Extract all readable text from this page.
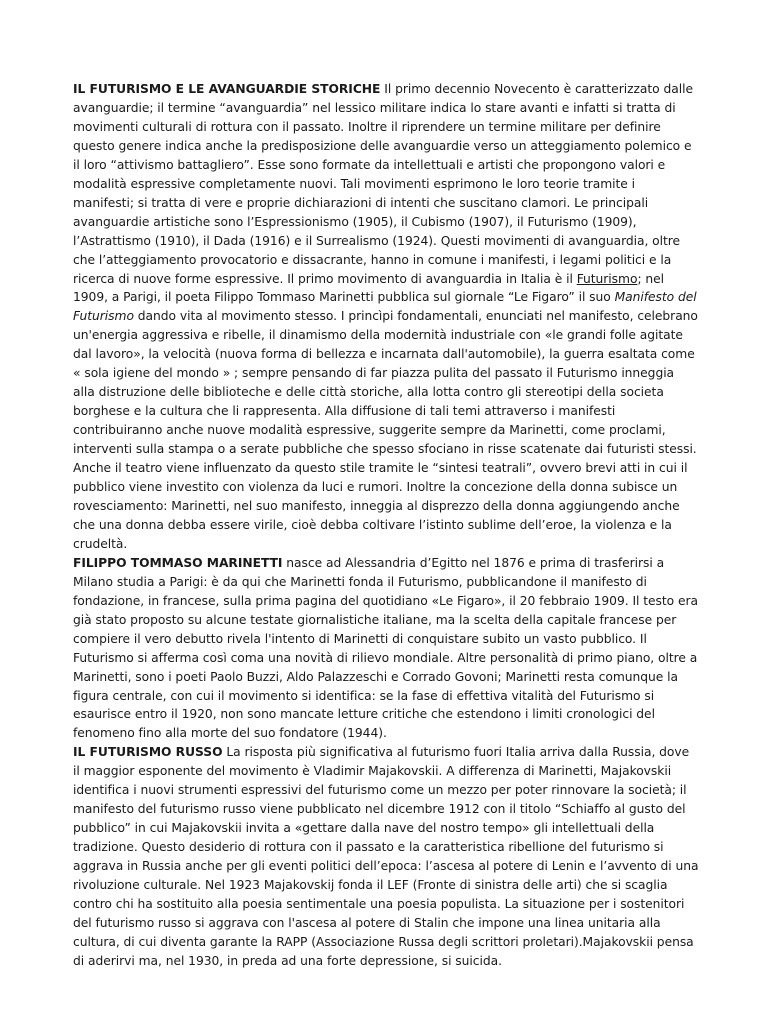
IL FUTURISMO E LE AVANGUARDIE STORICHE Il primo decennio Novecento è caratterizzato dalle avanguardie; il termine “avanguardia” nel lessico militare indica lo stare avanti e infatti si tratta di movimenti culturali di rottura con il passato. Inoltre il riprendere un termine militare per definire questo genere indica anche la predisposizione delle avanguardie verso un atteggiamento polemico e il loro “attivismo battagliero”. Esse sono formate da intellettuali e artisti che propongono valori e modalità espressive completamente nuovi. Tali movimenti esprimono le loro teorie tramite i manifesti; si tratta di vere e proprie dichiarazioni di intenti che suscitano clamori. Le principali avanguardie artistiche sono l’Espressionismo (1905), il Cubismo (1907), il Futurismo (1909), l’Astrattismo (1910), il Dada (1916) e il Surrealismo (1924). Questi movimenti di avanguardia, oltre che l’atteggiamento provocatorio e dissacrante, hanno in comune i manifesti, i legami politici e la ricerca di nuove forme espressive. Il primo movimento di avanguardia in Italia è il Futurismo; nel 1909, a Parigi, il poeta Filippo Tommaso Marinetti pubblica sul giornale “Le Figaro” il suo Manifesto del Futurismo dando vita al movimento stesso. I princìpi fondamentali, enunciati nel manifesto, celebrano un'energia aggressiva e ribelle, il dinamismo della modernità industriale con «le grandi folle agitate dal lavoro», la velocità (nuova forma di bellezza e incarnata dall'automobile), la guerra esaltata come « sola igiene del mondo » ; sempre pensando di far piazza pulita del passato il Futurismo inneggia alla distruzione delle biblioteche e delle città storiche, alla lotta contro gli stereotipi della societa borghese e la cultura che li rappresenta. Alla diffusione di tali temi attraverso i manifesti contribuiranno anche nuove modalità espressive, suggerite sempre da Marinetti, come proclami, interventi sulla stampa o a serate pubbliche che spesso sfociano in risse scatenate dai futuristi stessi. Anche il teatro viene influenzato da questo stile tramite le “sintesi teatrali”, ovvero brevi atti in cui il pubblico viene investito con violenza da luci e rumori. Inoltre la concezione della donna subisce un rovesciamento: Marinetti, nel suo manifesto, inneggia al disprezzo della donna aggiungendo anche che una donna debba essere virile, cioè debba coltivare l’istinto sublime dell’eroe, la violenza e la crudeltà.

FILIPPO TOMMASO MARINETTI nasce ad Alessandria d’Egitto nel 1876 e prima di trasferirsi a Milano studia a Parigi: è da qui che Marinetti fonda il Futurismo, pubblicandone il manifesto di fondazione, in francese, sulla prima pagina del quotidiano «Le Figaro», il 20 febbraio 1909. Il testo era già stato proposto su alcune testate giornalistiche italiane, ma la scelta della capitale francese per compiere il vero debutto rivela l'intento di Marinetti di conquistare subito un vasto pubblico. Il Futurismo si afferma così coma una novità di rilievo mondiale. Altre personalità di primo piano, oltre a Marinetti, sono i poeti Paolo Buzzi, Aldo Palazzeschi e Corrado Govoni; Marinetti resta comunque la figura centrale, con cui il movimento si identifica: se la fase di effettiva vitalità del Futurismo si esaurisce entro il 1920, non sono mancate letture critiche che estendono i limiti cronologici del fenomeno fino alla morte del suo fondatore (1944).

IL FUTURISMO RUSSO La risposta più significativa al futurismo fuori Italia arriva dalla Russia, dove il maggior esponente del movimento è Vladimir Majakovskii. A differenza di Marinetti, Majakovskii identifica i nuovi strumenti espressivi del futurismo come un mezzo per poter rinnovare la società; il manifesto del futurismo russo viene pubblicato nel dicembre 1912 con il titolo “Schiaffo al gusto del pubblico” in cui Majakovskii invita a «gettare dalla nave del nostro tempo» gli intellettuali della tradizione. Questo desiderio di rottura con il passato e la caratteristica ribellione del futurismo si aggrava in Russia anche per gli eventi politici dell’epoca: l’ascesa al potere di Lenin e l’avvento di una rivoluzione culturale. Nel 1923 Majakovskij fonda il LEF (Fronte di sinistra delle arti) che si scaglia contro chi ha sostituito alla poesia sentimentale una poesia populista. La situazione per i sostenitori del futurismo russo si aggrava con l'ascesa al potere di Stalin che impone una linea unitaria alla cultura, di cui diventa garante la RAPP (Associazione Russa degli scrittori proletari).Majakovskii pensa di aderirvi ma, nel 1930, in preda ad una forte depressione, si suicida.
